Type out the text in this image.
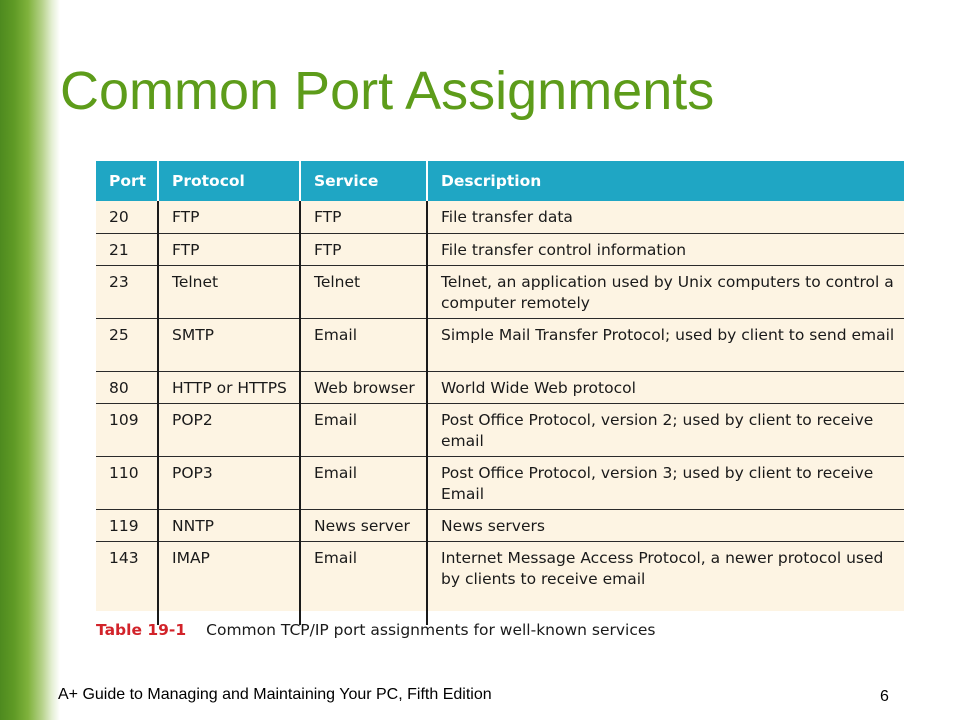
Common Port Assignments
Port	Protocol	Service	Description
20	FTP	FTP	File transfer data
21	FTP	FTP	File transfer control information
23	Telnet	Telnet	Telnet, an application used by Unix computers to control a computer remotely
25	SMTP	Email	Simple Mail Transfer Protocol; used by client to send email
80	HTTP or HTTPS	Web browser	World Wide Web protocol
109	POP2	Email	Post Office Protocol, version 2; used by client to receive email
110	POP3	Email	Post Office Protocol, version 3; used by client to receive Email
119	NNTP	News server	News servers
143	IMAP	Email	Internet Message Access Protocol, a newer protocol used by clients to receive email
Table 19-1 Common TCP/IP port assignments for well-known services
A+ Guide to Managing and Maintaining Your PC, Fifth Edition	6
